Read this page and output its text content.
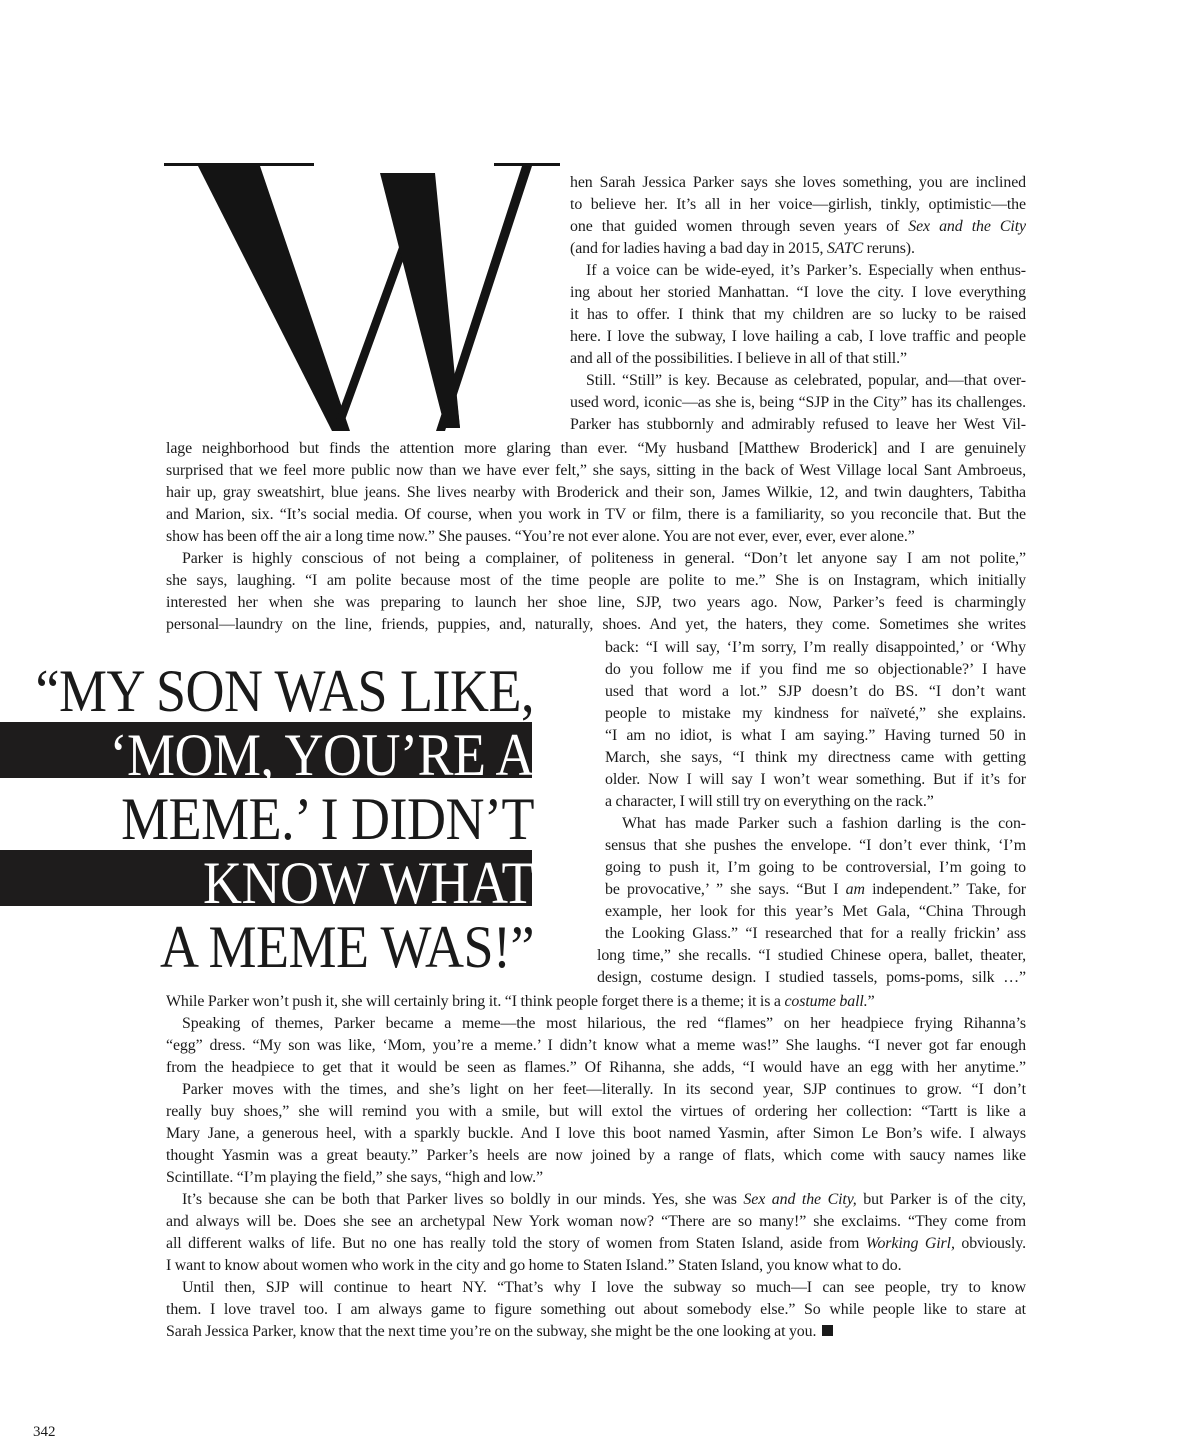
hen Sarah Jessica Parker says she loves something, you are inclined
to believe her. It’s all in her voice—girlish, tinkly, optimistic—the
one that guided women through seven years of Sex and the City
(and for ladies having a bad day in 2015, SATC reruns).
If a voice can be wide-eyed, it’s Parker’s. Especially when enthus-
ing about her storied Manhattan. “I love the city. I love everything
it has to offer. I think that my children are so lucky to be raised
here. I love the subway, I love hailing a cab, I love traffic and people
and all of the possibilities. I believe in all of that still.”
Still. “Still” is key. Because as celebrated, popular, and—that over-
used word, iconic—as she is, being “SJP in the City” has its challenges.
Parker has stubbornly and admirably refused to leave her West Vil-
lage neighborhood but finds the attention more glaring than ever. “My husband [Matthew Broderick] and I are genuinely
surprised that we feel more public now than we have ever felt,” she says, sitting in the back of West Village local Sant Ambroeus,
hair up, gray sweatshirt, blue jeans. She lives nearby with Broderick and their son, James Wilkie, 12, and twin daughters, Tabitha
and Marion, six. “It’s social media. Of course, when you work in TV or film, there is a familiarity, so you reconcile that. But the
show has been off the air a long time now.” She pauses. “You’re not ever alone. You are not ever, ever, ever, ever alone.”
Parker is highly conscious of not being a complainer, of politeness in general. “Don’t let anyone say I am not polite,”
she says, laughing. “I am polite because most of the time people are polite to me.” She is on Instagram, which initially
interested her when she was preparing to launch her shoe line, SJP, two years ago. Now, Parker’s feed is charmingly
personal—laundry on the line, friends, puppies, and, naturally, shoes. And yet, the haters, they come. Sometimes she writes
back: “I will say, ‘I’m sorry, I’m really disappointed,’ or ‘Why
do you follow me if you find me so objectionable?’ I have
used that word a lot.” SJP doesn’t do BS. “I don’t want
people to mistake my kindness for naïveté,” she explains.
“I am no idiot, is what I am saying.” Having turned 50 in
March, she says, “I think my directness came with getting
older. Now I will say I won’t wear something. But if it’s for
a character, I will still try on everything on the rack.”
What has made Parker such a fashion darling is the con-
sensus that she pushes the envelope. “I don’t ever think, ‘I’m
going to push it, I’m going to be controversial, I’m going to
be provocative,’ ” she says. “But I am independent.” Take, for
example, her look for this year’s Met Gala, “China Through
the Looking Glass.” “I researched that for a really frickin’ ass
long time,” she recalls. “I studied Chinese opera, ballet, theater,
design, costume design. I studied tassels, poms-poms, silk …”
While Parker won’t push it, she will certainly bring it. “I think people forget there is a theme; it is a costume ball.”
Speaking of themes, Parker became a meme—the most hilarious, the red “flames” on her headpiece frying Rihanna’s
“egg” dress. “My son was like, ‘Mom, you’re a meme.’ I didn’t know what a meme was!” She laughs. “I never got far enough
from the headpiece to get that it would be seen as flames.” Of Rihanna, she adds, “I would have an egg with her anytime.”
Parker moves with the times, and she’s light on her feet—literally. In its second year, SJP continues to grow. “I don’t
really buy shoes,” she will remind you with a smile, but will extol the virtues of ordering her collection: “Tartt is like a
Mary Jane, a generous heel, with a sparkly buckle. And I love this boot named Yasmin, after Simon Le Bon’s wife. I always
thought Yasmin was a great beauty.” Parker’s heels are now joined by a range of flats, which come with saucy names like
Scintillate. “I’m playing the field,” she says, “high and low.”
It’s because she can be both that Parker lives so boldly in our minds. Yes, she was Sex and the City, but Parker is of the city,
and always will be. Does she see an archetypal New York woman now? “There are so many!” she exclaims. “They come from
all different walks of life. But no one has really told the story of women from Staten Island, aside from Working Girl, obviously.
I want to know about women who work in the city and go home to Staten Island.” Staten Island, you know what to do.
Until then, SJP will continue to heart NY. “That’s why I love the subway so much—I can see people, try to know
them. I love travel too. I am always game to figure something out about somebody else.” So while people like to stare at
Sarah Jessica Parker, know that the next time you’re on the subway, she might be the one looking at you.
“MY SON WAS LIKE,
‘MOM, YOU’RE A
MEME.’ I DIDN’T
KNOW WHAT
A MEME WAS!”
342
